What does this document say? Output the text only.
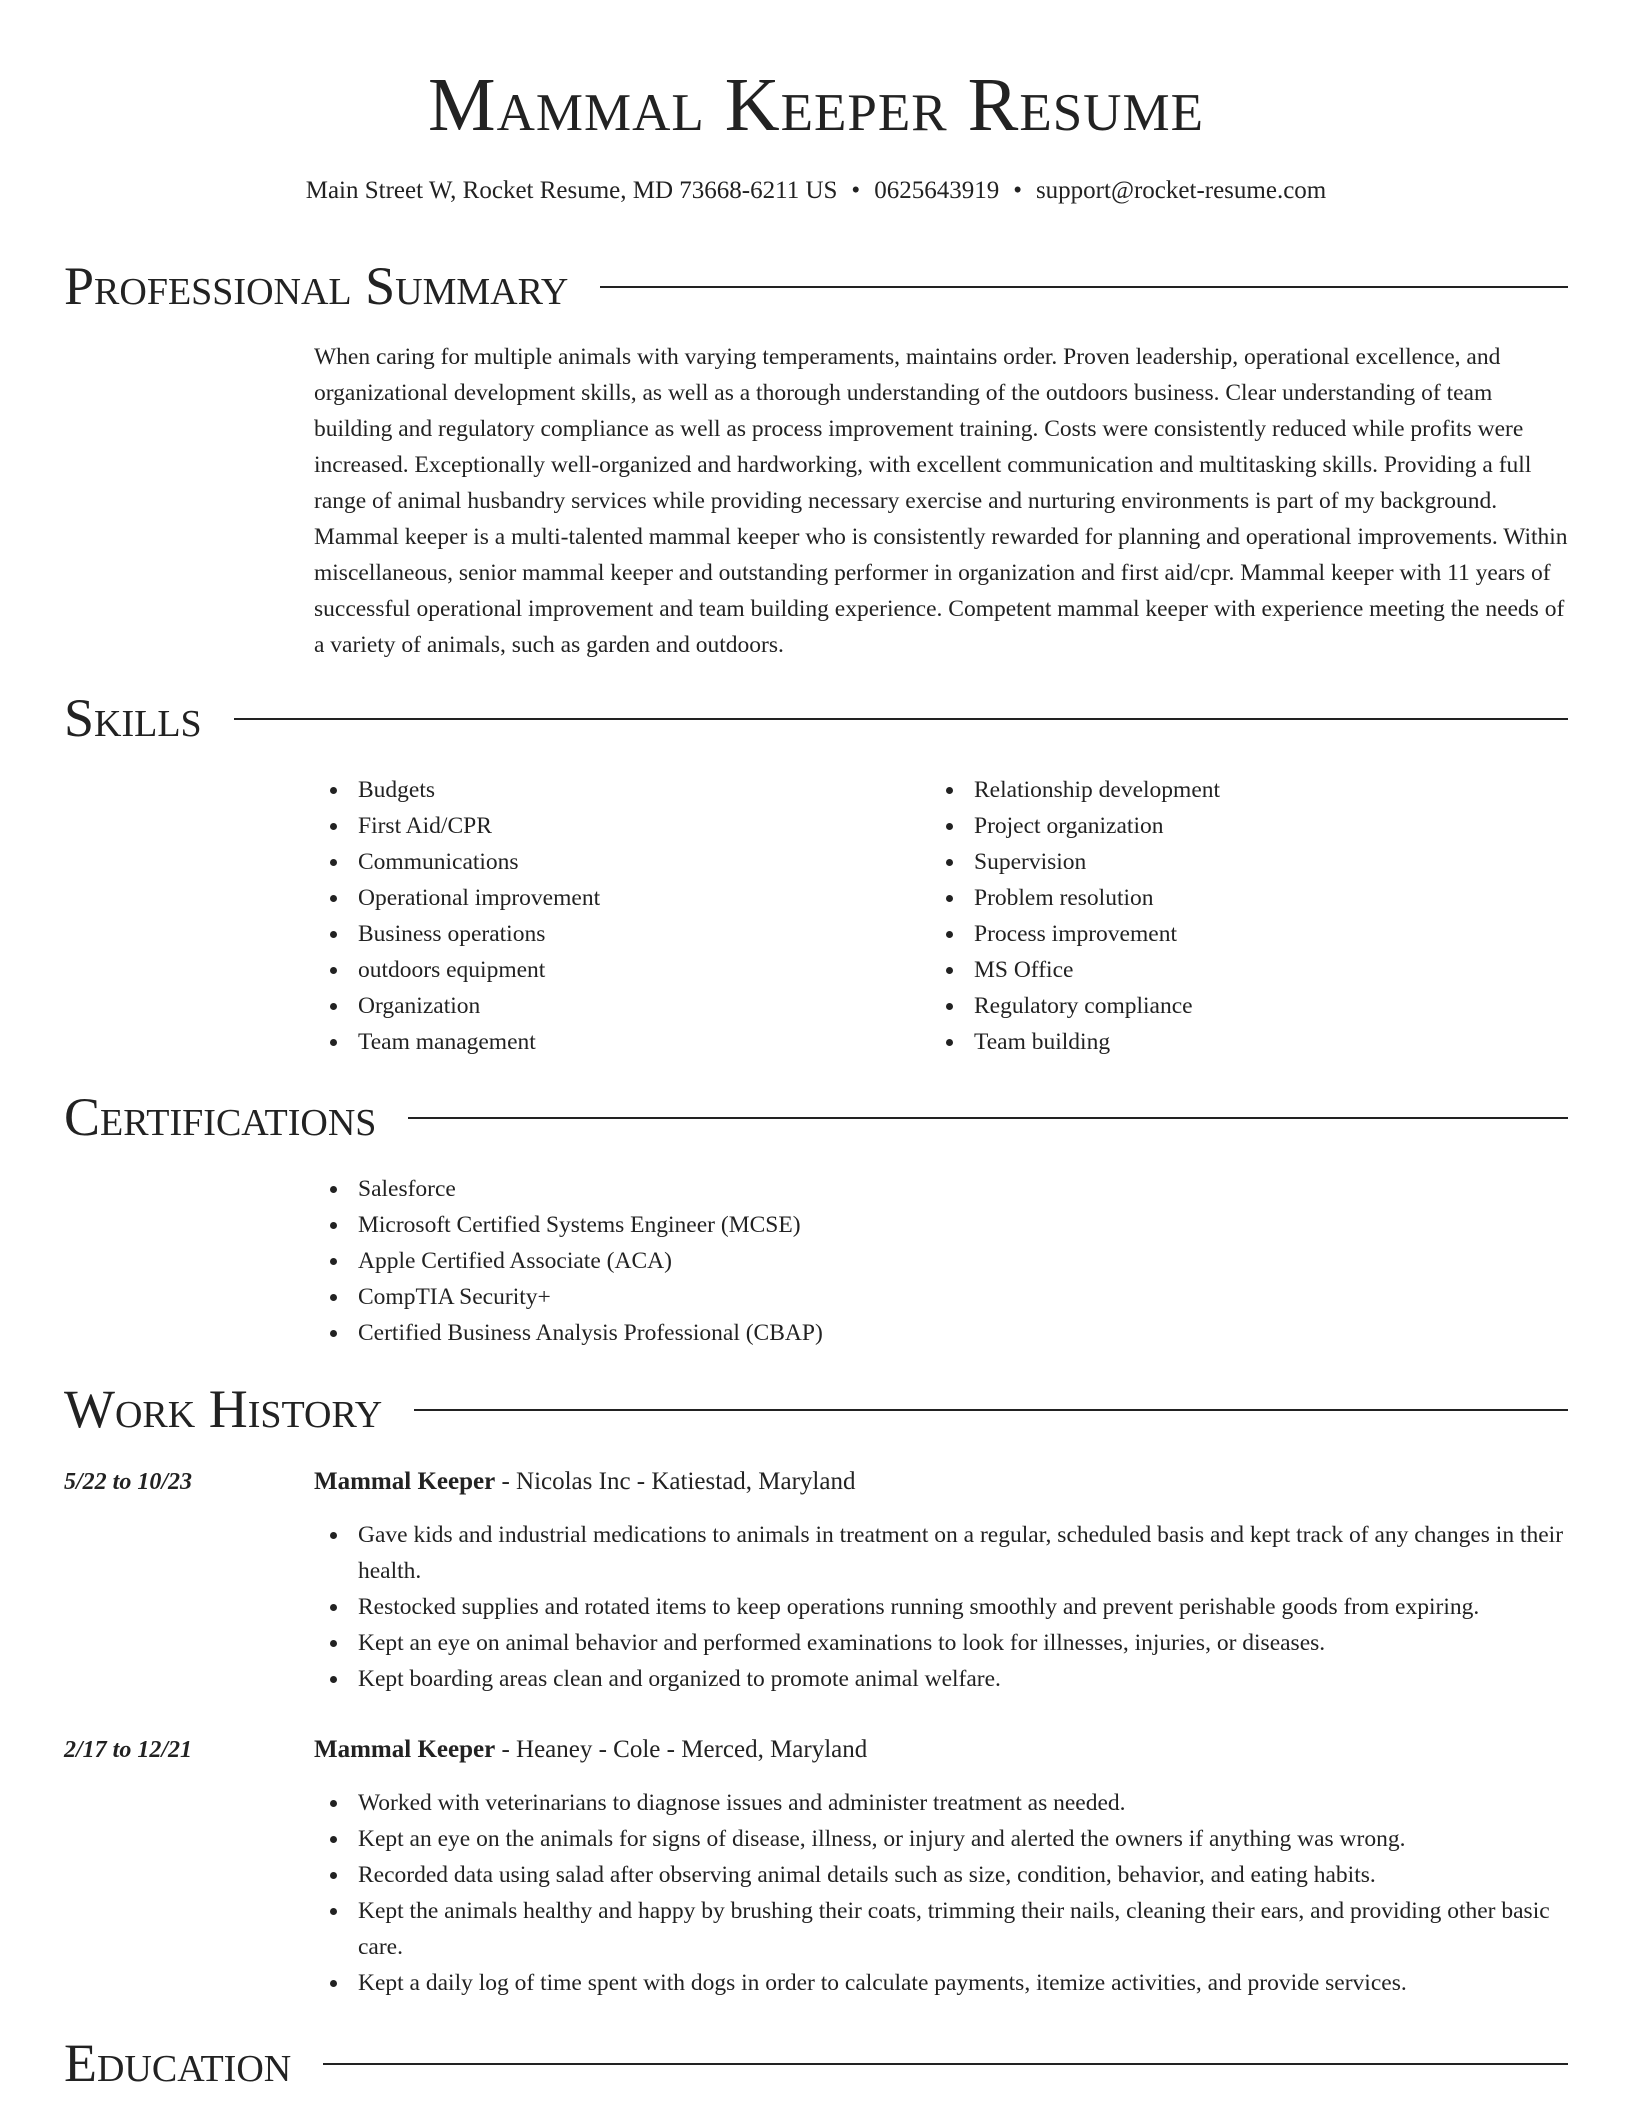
Mammal Keeper Resume
Main Street W, Rocket Resume, MD 73668-6211 US • 0625643919 • support@rocket-resume.com
Professional Summary

When caring for multiple animals with varying temperaments, maintains order. Proven leadership, operational excellence, and organizational development skills, as well as a thorough understanding of the outdoors business. Clear understanding of team building and regulatory compliance as well as process improvement training. Costs were consistently reduced while profits were increased. Exceptionally well-organized and hardworking, with excellent communication and multitasking skills. Providing a full range of animal husbandry services while providing necessary exercise and nurturing environments is part of my background. Mammal keeper is a multi-talented mammal keeper who is consistently rewarded for planning and operational improvements. Within miscellaneous, senior mammal keeper and outstanding performer in organization and first aid/cpr. Mammal keeper with 11 years of successful operational improvement and team building experience. Competent mammal keeper with experience meeting the needs of a variety of animals, such as garden and outdoors.

Skills
Budgets
First Aid/CPR
Communications
Operational improvement
Business operations
outdoors equipment
Organization
Team management
Relationship development
Project organization
Supervision
Problem resolution
Process improvement
MS Office
Regulatory compliance
Team building
Certifications
Salesforce
Microsoft Certified Systems Engineer (MCSE)
Apple Certified Associate (ACA)
CompTIA Security+
Certified Business Analysis Professional (CBAP)
Work History
5/22 to 10/23	Mammal Keeper - Nicolas Inc - Katiestad, Maryland
Gave kids and industrial medications to animals in treatment on a regular, scheduled basis and kept track of any changes in their health.
Restocked supplies and rotated items to keep operations running smoothly and prevent perishable goods from expiring.
Kept an eye on animal behavior and performed examinations to look for illnesses, injuries, or diseases.
Kept boarding areas clean and organized to promote animal welfare.
2/17 to 12/21	Mammal Keeper - Heaney - Cole - Merced, Maryland
Worked with veterinarians to diagnose issues and administer treatment as needed.
Kept an eye on the animals for signs of disease, illness, or injury and alerted the owners if anything was wrong.
Recorded data using salad after observing animal details such as size, condition, behavior, and eating habits.
Kept the animals healthy and happy by brushing their coats, trimming their nails, cleaning their ears, and providing other basic care.
Kept a daily log of time spent with dogs in order to calculate payments, itemize activities, and provide services.
Education
